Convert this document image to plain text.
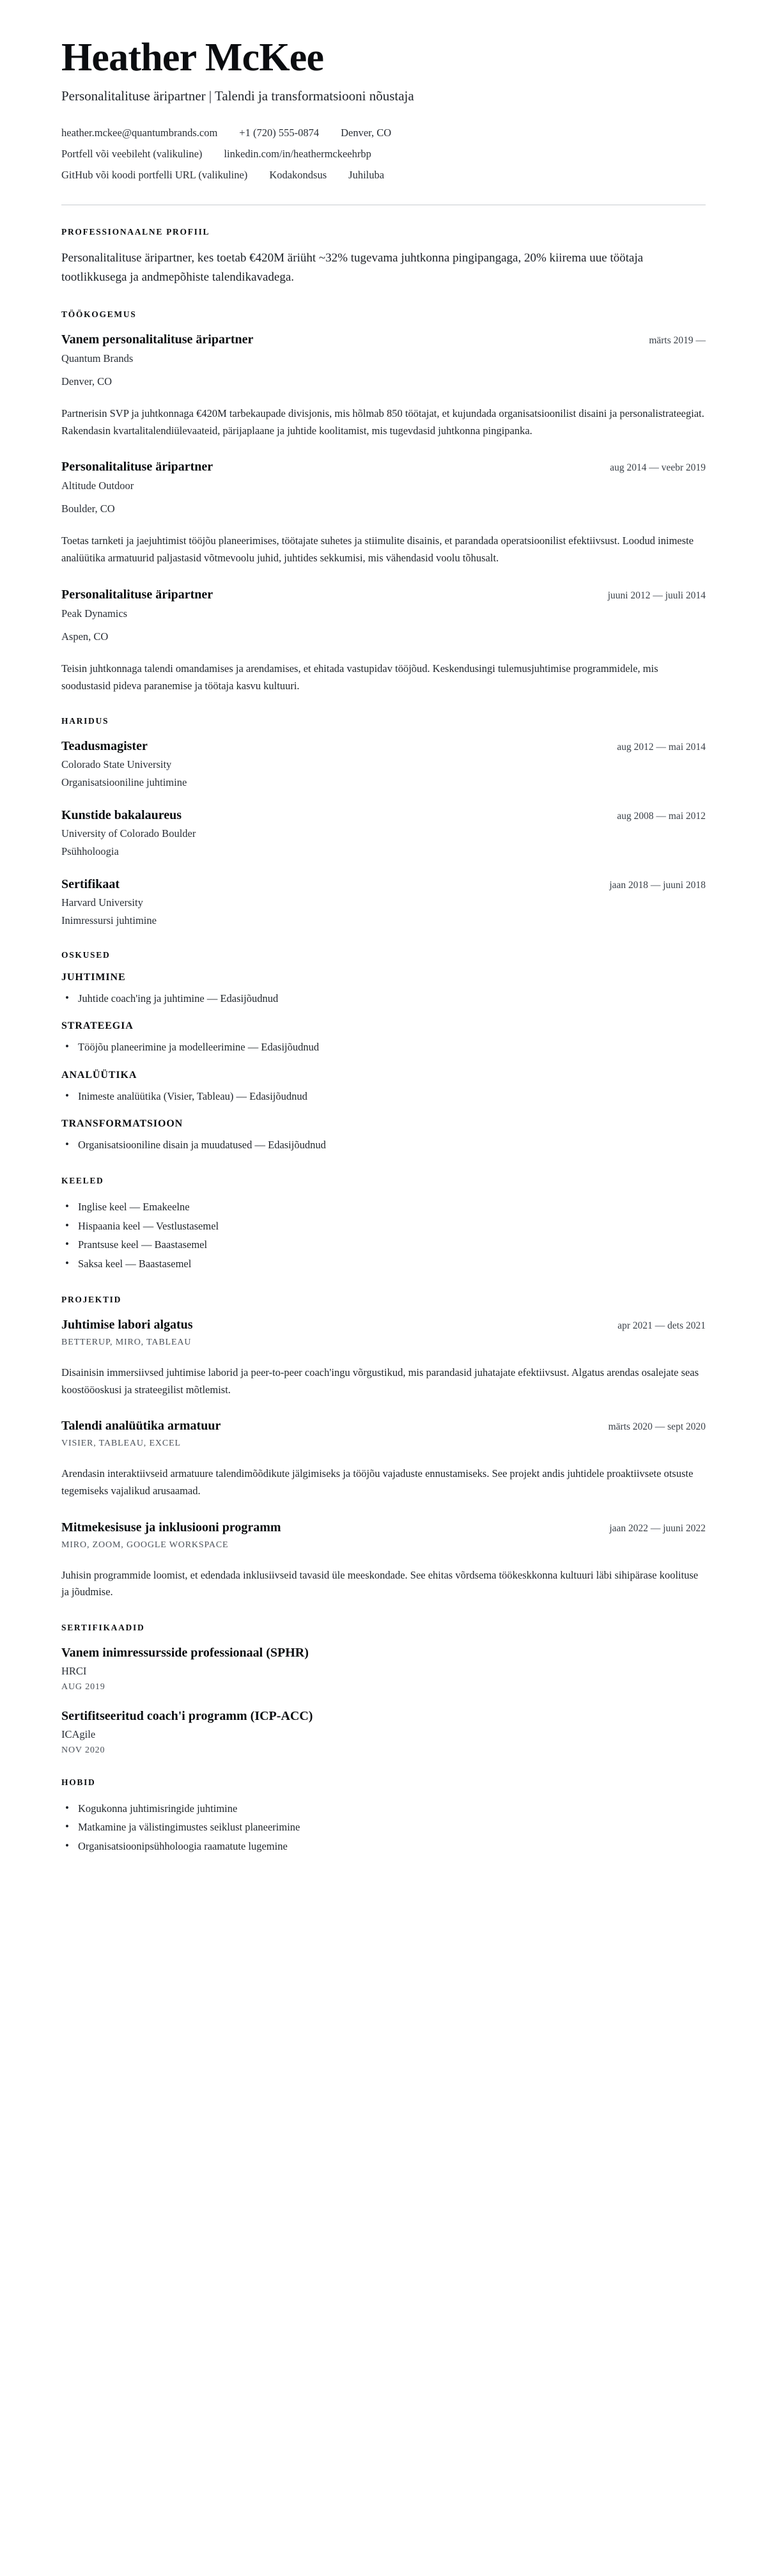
Heather McKee

Personalitalituse äripartner | Talendi ja transformatsiooni nõustaja

heather.mckee@quantumbrands.com +1 (720) 555-0874 Denver, CO
Portfell või veebileht (valikuline) linkedin.com/in/heathermckeehrbp
GitHub või koodi portfelli URL (valikuline) Kodakondsus Juhiluba
PROFESSIONAALNE PROFIIL

Personalitalituse äripartner, kes toetab €420M äriüht ~32% tugevama juhtkonna pingipangaga, 20% kiirema uue töötaja tootlikkusega ja andmepõhiste talendikavadega.

TÖÖKOGEMUS
Vanem personalitalituse äripartner	märts 2019 —

Quantum Brands

Denver, CO

Partnerisin SVP ja juhtkonnaga €420M tarbekaupade divisjonis, mis hõlmab 850 töötajat, et kujundada organisatsioonilist disaini ja personalistrateegiat. Rakendasin kvartalitalendiülevaateid, pärijaplaane ja juhtide koolitamist, mis tugevdasid juhtkonna pingipanka.

Personalitalituse äripartner	aug 2014 — veebr 2019

Altitude Outdoor

Boulder, CO

Toetas tarnketi ja jaejuhtimist tööjõu planeerimises, töötajate suhetes ja stiimulite disainis, et parandada operatsioonilist efektiivsust. Loodud inimeste analüütika armatuurid paljastasid võtmevoolu juhid, juhtides sekkumisi, mis vähendasid voolu tõhusalt.

Personalitalituse äripartner	juuni 2012 — juuli 2014

Peak Dynamics

Aspen, CO

Teisin juhtkonnaga talendi omandamises ja arendamises, et ehitada vastupidav tööjõud. Keskendusingi tulemusjuhtimise programmidele, mis soodustasid pideva paranemise ja töötaja kasvu kultuuri.

HARIDUS
Teadusmagister	aug 2012 — mai 2014

Colorado State University

Organisatsiooniline juhtimine

Kunstide bakalaureus	aug 2008 — mai 2012

University of Colorado Boulder

Psühholoogia

Sertifikaat	jaan 2018 — juuni 2018

Harvard University

Inimressursi juhtimine

OSKUSED
JUHTIMINE
• Juhtide coach'ing ja juhtimine — Edasijõudnud
STRATEEGIA
• Tööjõu planeerimine ja modelleerimine — Edasijõudnud
ANALÜÜTIKA
• Inimeste analüütika (Visier, Tableau) — Edasijõudnud
TRANSFORMATSIOON
• Organisatsiooniline disain ja muudatused — Edasijõudnud
KEELED
• Inglise keel — Emakeelne
• Hispaania keel — Vestlustasemel
• Prantsuse keel — Baastasemel
• Saksa keel — Baastasemel
PROJEKTID
Juhtimise labori algatus	apr 2021 — dets 2021

BETTERUP, MIRO, TABLEAU

Disainisin immersiivsed juhtimise laborid ja peer-to-peer coach'ingu võrgustikud, mis parandasid juhatajate efektiivsust. Algatus arendas osalejate seas koostööoskusi ja strateegilist mõtlemist.

Talendi analüütika armatuur	märts 2020 — sept 2020

VISIER, TABLEAU, EXCEL

Arendasin interaktiivseid armatuure talendimõõdikute jälgimiseks ja tööjõu vajaduste ennustamiseks. See projekt andis juhtidele proaktiivsete otsuste tegemiseks vajalikud arusaamad.

Mitmekesisuse ja inklusiooni programm	jaan 2022 — juuni 2022

MIRO, ZOOM, GOOGLE WORKSPACE

Juhisin programmide loomist, et edendada inklusiivseid tavasid üle meeskondade. See ehitas võrdsema töökeskkonna kultuuri läbi sihipärase koolituse ja jõudmise.

SERTIFIKAADID
Vanem inimressursside professionaal (SPHR)

HRCI

AUG 2019

Sertifitseeritud coach'i programm (ICP-ACC)

ICAgile

NOV 2020

HOBID
• Kogukonna juhtimisringide juhtimine
• Matkamine ja välistingimustes seiklust planeerimine
• Organisatsioonipsühholoogia raamatute lugemine
